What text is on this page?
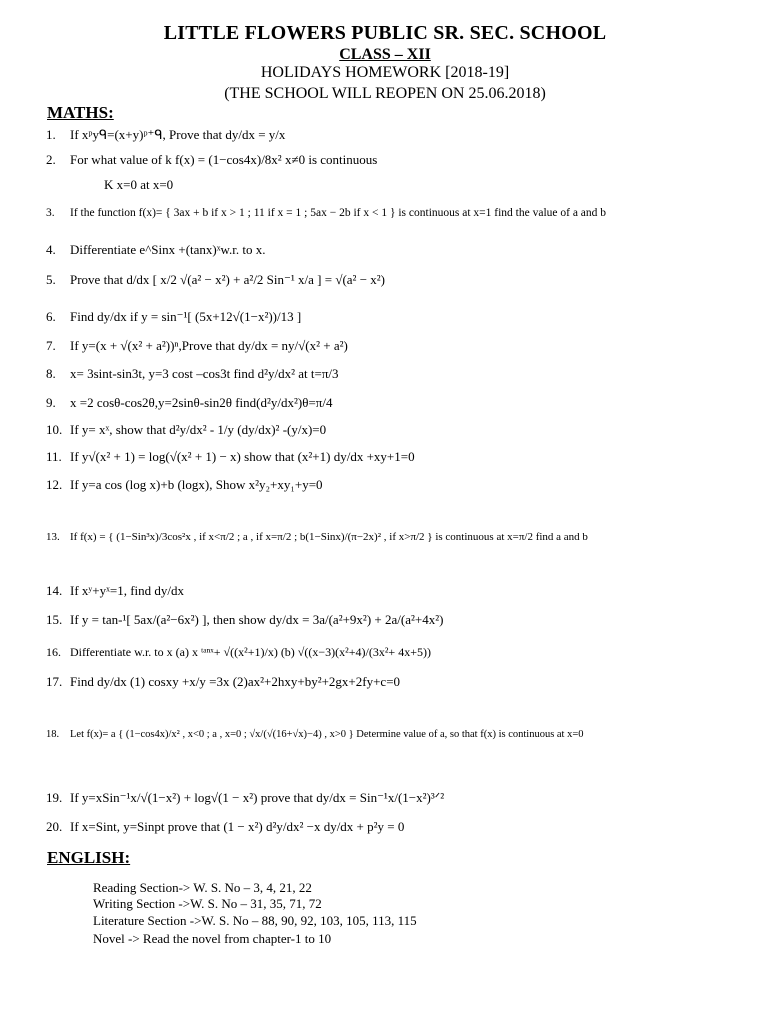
LITTLE FLOWERS PUBLIC SR. SEC. SCHOOL
CLASS – XII
HOLIDAYS HOMEWORK [2018-19]
(THE SCHOOL WILL REOPEN ON 25.06.2018)
MATHS:
1. If xᵖyᑫ=(x+y)ᵖ⁺ᑫ, Prove that dy/dx = y/x
2. For what value of k f(x) = (1−cos4x)/8x² x≠0 is continuous
K x=0 at x=0
3. If the function f(x)= { 3ax + b if x > 1 ; 11 if x = 1 ; 5ax − 2b if x < 1 } is continuous at x=1 find the value of a and b
4. Differentiate e^Sinx +(tanx)ˣw.r. to x.
5. Prove that d/dx [ x/2 √(a² − x²) + a²/2 Sin⁻¹ x/a ] = √(a² − x²)
6. Find dy/dx if y = sin⁻¹[ (5x+12√(1−x²))/13 ]
7. If y=(x + √(x² + a²))ⁿ,Prove that dy/dx = ny/√(x² + a²)
8. x= 3sint-sin3t, y=3 cost –cos3t find d²y/dx² at t=π/3
9. x =2 cosθ-cos2θ,y=2sinθ-sin2θ find(d²y/dx²)θ=π/4
10. If y= xˣ, show that d²y/dx² - 1/y (dy/dx)² -(y/x)=0
11. If y√(x² + 1) = log(√(x² + 1) − x) show that (x²+1) dy/dx +xy+1=0
12. If y=a cos (log x)+b (logx), Show x²y₂+xy₁+y=0
13. If f(x) = { (1−Sin³x)/3cos²x , if x<π/2 ; a , if x=π/2 ; b(1−Sinx)/(π−2x)² , if x>π/2 } is continuous at x=π/2 find a and b
14. If xʸ+yˣ=1, find dy/dx
15. If y = tan-¹[ 5ax/(a²−6x²) ], then show dy/dx = 3a/(a²+9x²) + 2a/(a²+4x²)
16. Differentiate w.r. to x (a) x ᵗᵃⁿˣ+ √((x²+1)/x) (b) √((x−3)(x²+4)/(3x²+ 4x+5))
17. Find dy/dx (1) cosxy +x/y =3x (2)ax²+2hxy+by²+2gx+2fy+c=0
18. Let f(x)= a { (1−cos4x)/x² , x<0 ; a , x=0 ; √x/(√(16+√x)−4) , x>0 } Determine value of a, so that f(x) is continuous at x=0
19. If y=xSin⁻¹x/√(1−x²) + log√(1 − x²) prove that dy/dx = Sin⁻¹x/(1−x²)³ᐟ²
20. If x=Sint, y=Sinpt prove that (1 − x²) d²y/dx² −x dy/dx + p²y = 0
ENGLISH:
Reading Section-> W. S. No – 3, 4, 21, 22
Writing Section ->W. S. No – 31, 35, 71, 72
Literature Section ->W. S. No – 88, 90, 92, 103, 105, 113, 115
Novel -> Read the novel from chapter-1 to 10
